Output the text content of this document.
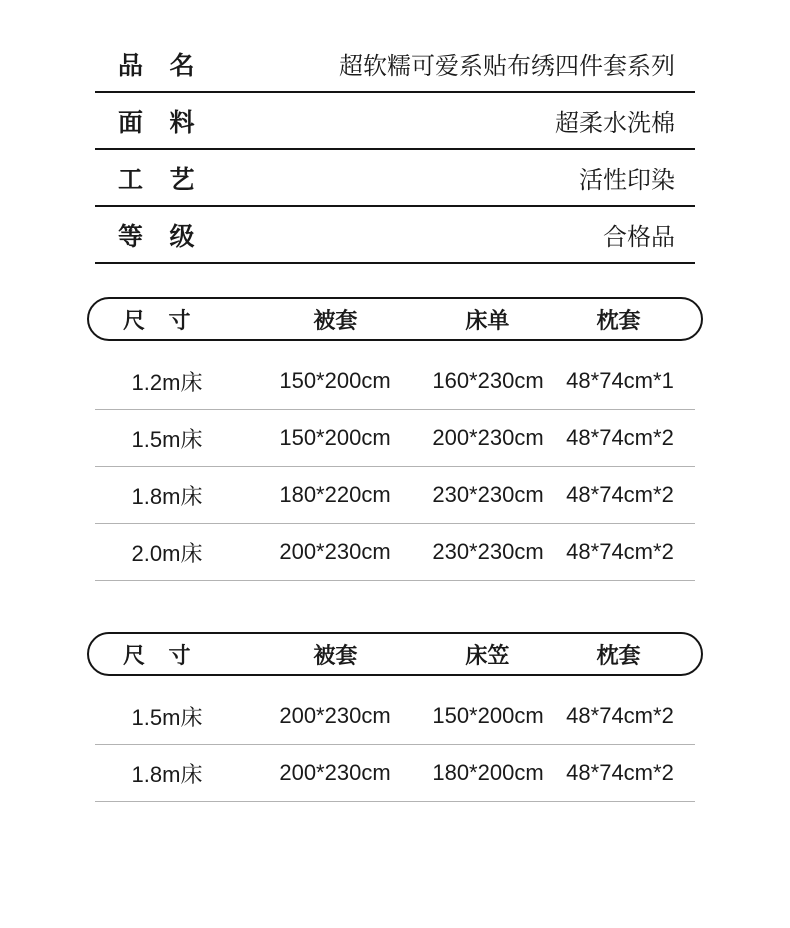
品 名	超软糯可爱系贴布绣四件套系列
面 料	超柔水洗棉
工 艺	活性印染
等 级	合格品
尺 寸	被套	床单	枕套
1.2m床	150*200cm	160*230cm	48*74cm*1
1.5m床	150*200cm	200*230cm	48*74cm*2
1.8m床	180*220cm	230*230cm	48*74cm*2
2.0m床	200*230cm	230*230cm	48*74cm*2
尺 寸	被套	床笠	枕套
1.5m床	200*230cm	150*200cm	48*74cm*2
1.8m床	200*230cm	180*200cm	48*74cm*2
